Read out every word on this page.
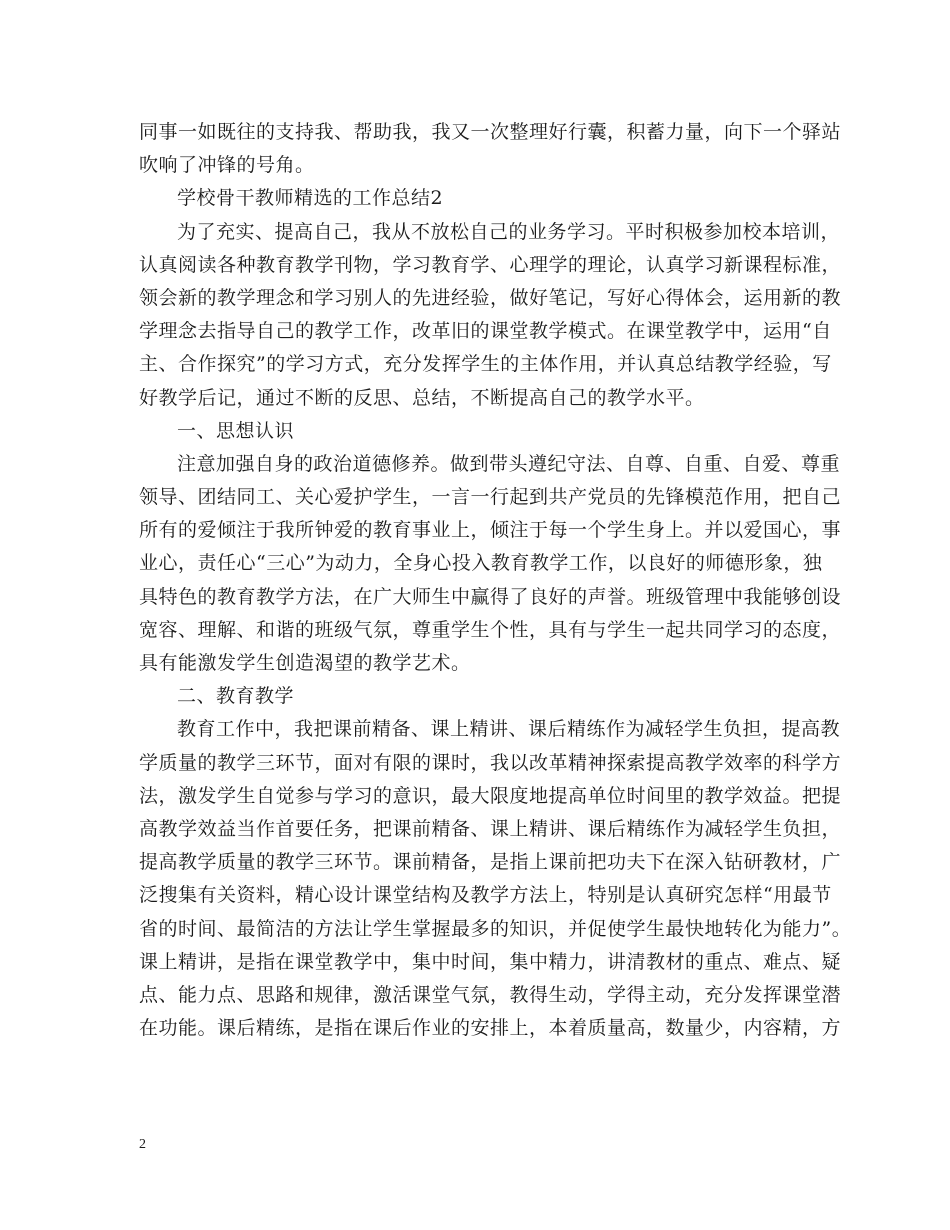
同事一如既往的支持我、帮助我，我又一次整理好行囊，积蓄力量，向下一个驿站
吹响了冲锋的号角。
学校骨干教师精选的工作总结2
为了充实、提高自己，我从不放松自己的业务学习。平时积极参加校本培训，
认真阅读各种教育教学刊物，学习教育学、心理学的理论，认真学习新课程标准，
领会新的教学理念和学习别人的先进经验，做好笔记，写好心得体会，运用新的教
学理念去指导自己的教学工作，改革旧的课堂教学模式。在课堂教学中，运用“自
主、合作探究”的学习方式，充分发挥学生的主体作用，并认真总结教学经验，写
好教学后记，通过不断的反思、总结，不断提高自己的教学水平。
一、思想认识
注意加强自身的政治道德修养。做到带头遵纪守法、自尊、自重、自爱、尊重
领导、团结同工、关心爱护学生，一言一行起到共产党员的先锋模范作用，把自己
所有的爱倾注于我所钟爱的教育事业上，倾注于每一个学生身上。并以爱国心，事
业心，责任心“三心”为动力，全身心投入教育教学工作，以良好的师德形象，独
具特色的教育教学方法，在广大师生中赢得了良好的声誉。班级管理中我能够创设
宽容、理解、和谐的班级气氛，尊重学生个性，具有与学生一起共同学习的态度，
具有能激发学生创造渴望的教学艺术。
二、教育教学
教育工作中，我把课前精备、课上精讲、课后精练作为减轻学生负担，提高教
学质量的教学三环节，面对有限的课时，我以改革精神探索提高教学效率的科学方
法，激发学生自觉参与学习的意识，最大限度地提高单位时间里的教学效益。把提
高教学效益当作首要任务，把课前精备、课上精讲、课后精练作为减轻学生负担，
提高教学质量的教学三环节。课前精备，是指上课前把功夫下在深入钻研教材，广
泛搜集有关资料，精心设计课堂结构及教学方法上，特别是认真研究怎样“用最节
省的时间、最简洁的方法让学生掌握最多的知识，并促使学生最快地转化为能力”。
课上精讲，是指在课堂教学中，集中时间，集中精力，讲清教材的重点、难点、疑
点、能力点、思路和规律，激活课堂气氛，教得生动，学得主动，充分发挥课堂潜
在功能。课后精练，是指在课后作业的安排上，本着质量高，数量少，内容精，方
2
